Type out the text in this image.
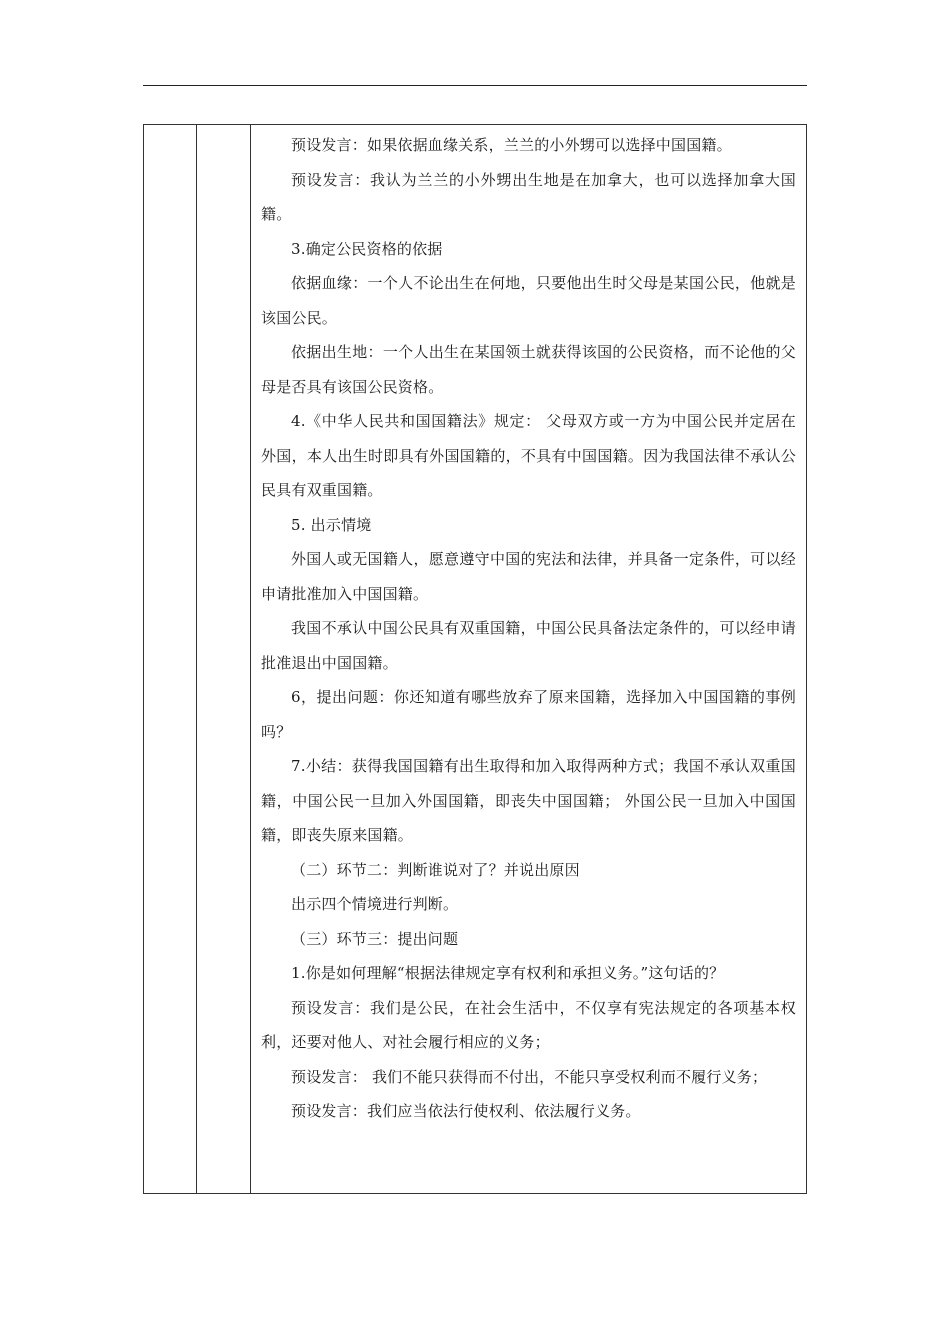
预设发言：如果依据血缘关系，兰兰的小外甥可以选择中国国籍。

预设发言：我认为兰兰的小外甥出生地是在加拿大，也可以选择加拿大国籍。

3.确定公民资格的依据

依据血缘：一个人不论出生在何地，只要他出生时父母是某国公民，他就是该国公民。

依据出生地：一个人出生在某国领土就获得该国的公民资格，而不论他的父母是否具有该国公民资格。

4.《中华人民共和国国籍法》规定： 父母双方或一方为中国公民并定居在外国，本人出生时即具有外国国籍的，不具有中国国籍。因为我国法律不承认公民具有双重国籍。

5. 出示情境

外国人或无国籍人，愿意遵守中国的宪法和法律，并具备一定条件，可以经申请批准加入中国国籍。

我国不承认中国公民具有双重国籍，中国公民具备法定条件的，可以经申请批准退出中国国籍。

6，提出问题：你还知道有哪些放弃了原来国籍，选择加入中国国籍的事例吗？

7.小结：获得我国国籍有出生取得和加入取得两种方式；我国不承认双重国籍，中国公民一旦加入外国国籍，即丧失中国国籍； 外国公民一旦加入中国国籍，即丧失原来国籍。

（二）环节二：判断谁说对了？并说出原因

出示四个情境进行判断。

（三）环节三：提出问题

1.你是如何理解“根据法律规定享有权利和承担义务。”这句话的？

预设发言：我们是公民，在社会生活中，不仅享有宪法规定的各项基本权利，还要对他人、对社会履行相应的义务；

预设发言： 我们不能只获得而不付出，不能只享受权利而不履行义务；

预设发言：我们应当依法行使权利、依法履行义务。
